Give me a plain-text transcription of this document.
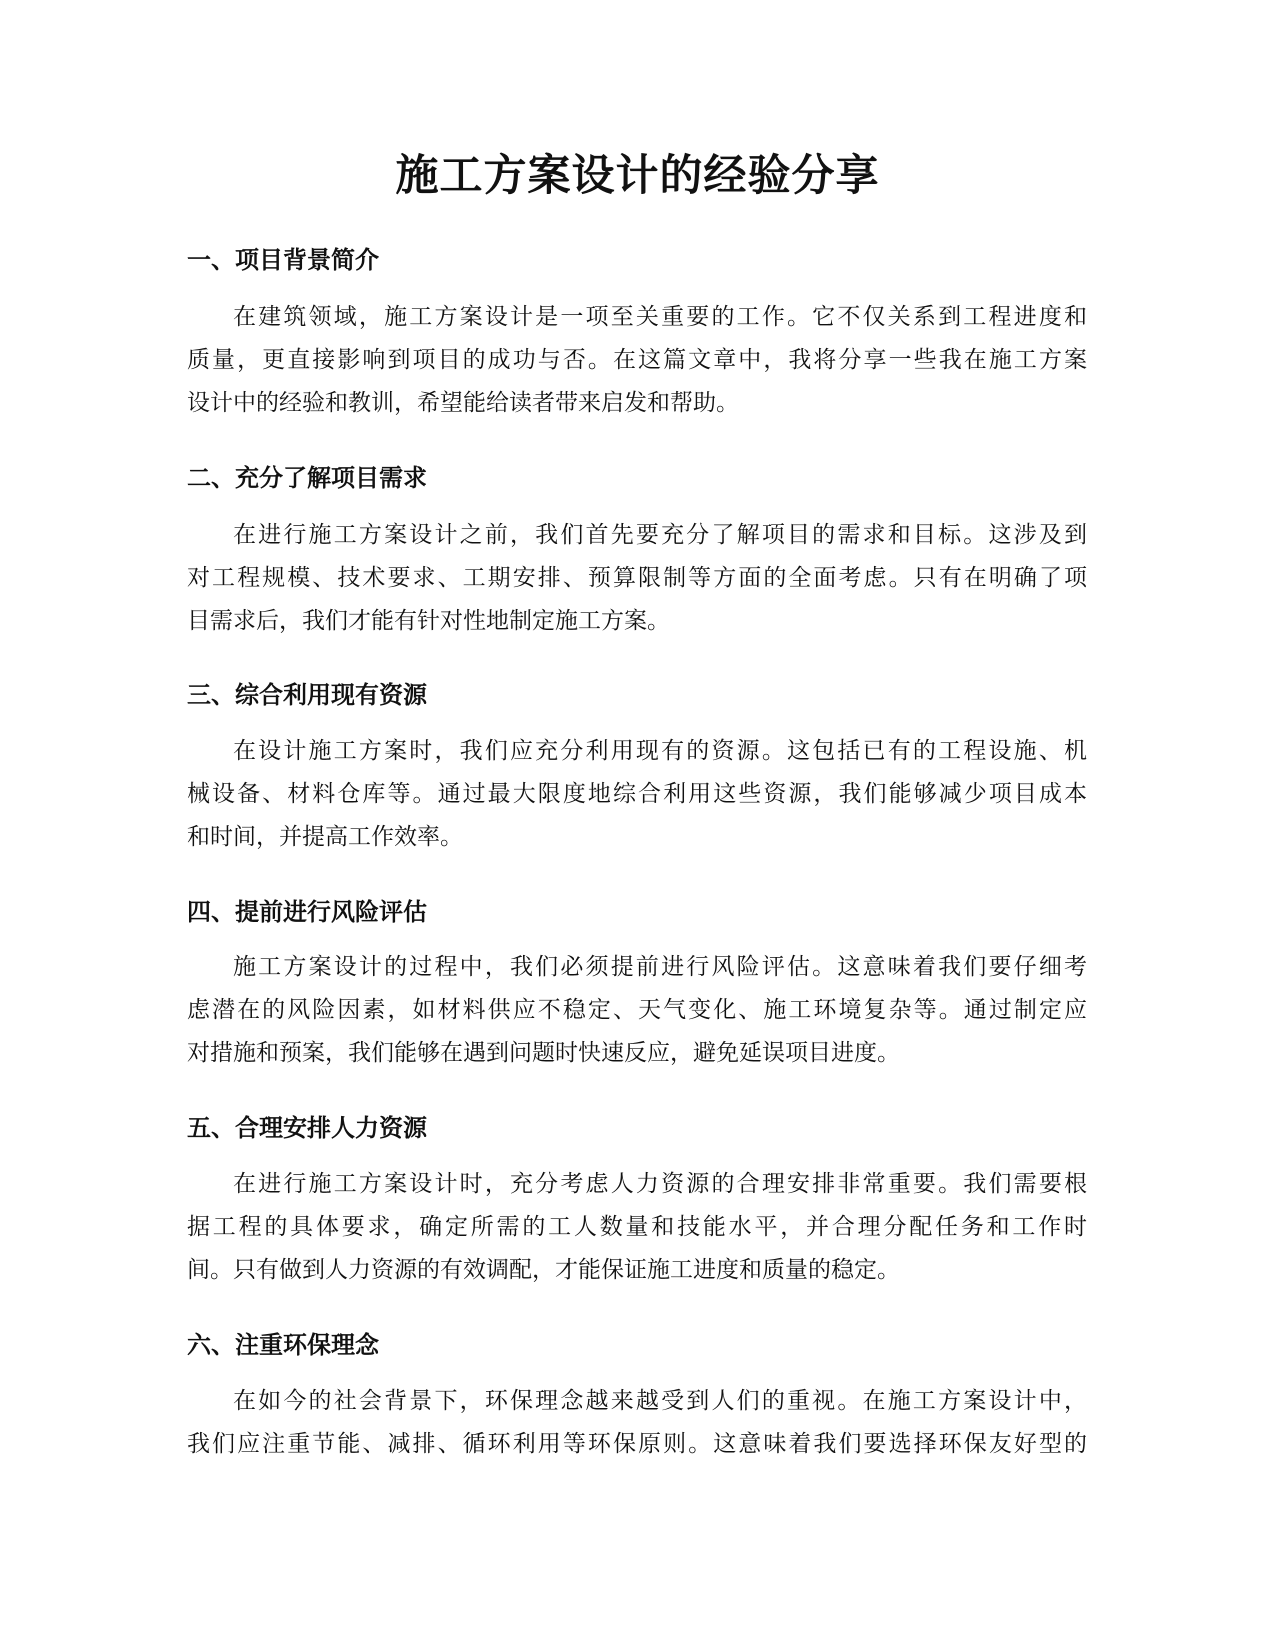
施工方案设计的经验分享
一、项目背景简介
在建筑领域，施工方案设计是一项至关重要的工作。它不仅关系到工程进度和
质量，更直接影响到项目的成功与否。在这篇文章中，我将分享一些我在施工方案
设计中的经验和教训，希望能给读者带来启发和帮助。
二、充分了解项目需求
在进行施工方案设计之前，我们首先要充分了解项目的需求和目标。这涉及到
对工程规模、技术要求、工期安排、预算限制等方面的全面考虑。只有在明确了项
目需求后，我们才能有针对性地制定施工方案。
三、综合利用现有资源
在设计施工方案时，我们应充分利用现有的资源。这包括已有的工程设施、机
械设备、材料仓库等。通过最大限度地综合利用这些资源，我们能够减少项目成本
和时间，并提高工作效率。
四、提前进行风险评估
施工方案设计的过程中，我们必须提前进行风险评估。这意味着我们要仔细考
虑潜在的风险因素，如材料供应不稳定、天气变化、施工环境复杂等。通过制定应
对措施和预案，我们能够在遇到问题时快速反应，避免延误项目进度。
五、合理安排人力资源
在进行施工方案设计时，充分考虑人力资源的合理安排非常重要。我们需要根
据工程的具体要求，确定所需的工人数量和技能水平，并合理分配任务和工作时
间。只有做到人力资源的有效调配，才能保证施工进度和质量的稳定。
六、注重环保理念
在如今的社会背景下，环保理念越来越受到人们的重视。在施工方案设计中，
我们应注重节能、减排、循环利用等环保原则。这意味着我们要选择环保友好型的
